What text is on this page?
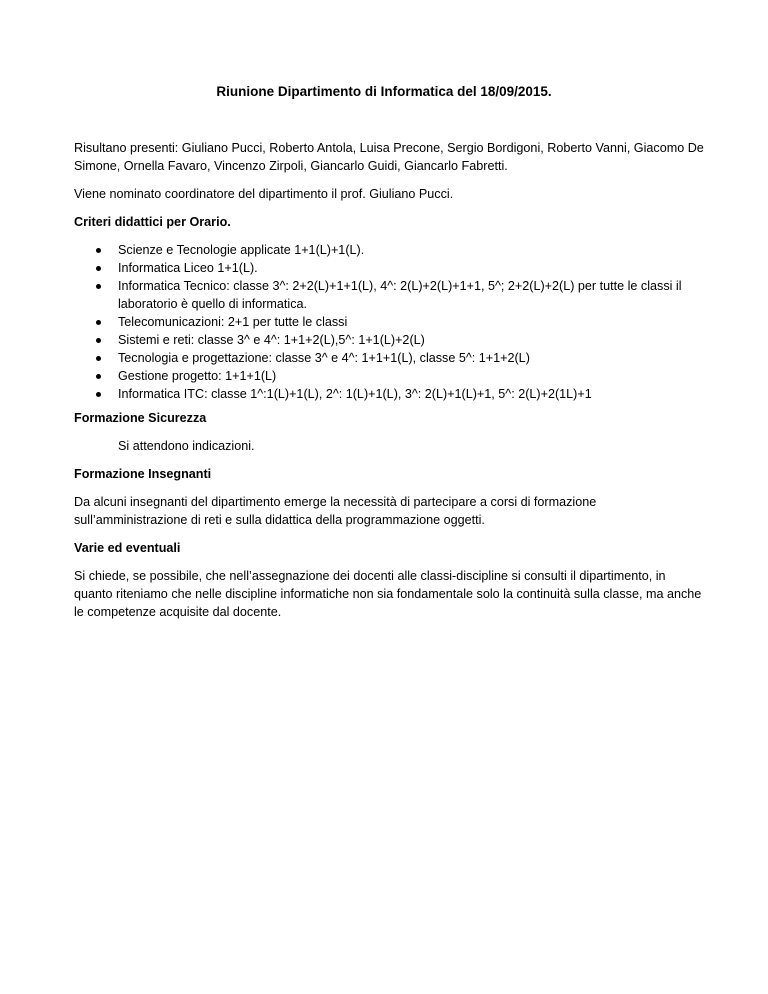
Riunione Dipartimento di Informatica del 18/09/2015.

Risultano presenti: Giuliano Pucci, Roberto Antola, Luisa Precone, Sergio Bordigoni, Roberto Vanni, Giacomo De Simone, Ornella Favaro, Vincenzo Zirpoli, Giancarlo Guidi, Giancarlo Fabretti.

Viene nominato coordinatore del dipartimento il prof. Giuliano Pucci.

Criteri didattici per Orario.

Scienze e Tecnologie applicate 1+1(L)+1(L).
Informatica Liceo 1+1(L).
Informatica Tecnico: classe 3^: 2+2(L)+1+1(L), 4^: 2(L)+2(L)+1+1, 5^; 2+2(L)+2(L) per tutte le classi il laboratorio è quello di informatica.
Telecomunicazioni: 2+1 per tutte le classi
Sistemi e reti: classe 3^ e 4^: 1+1+2(L),5^: 1+1(L)+2(L)
Tecnologia e progettazione: classe 3^ e 4^: 1+1+1(L), classe 5^: 1+1+2(L)
Gestione progetto: 1+1+1(L)
Informatica ITC: classe 1^:1(L)+1(L), 2^: 1(L)+1(L), 3^: 2(L)+1(L)+1, 5^: 2(L)+2(1L)+1

Formazione Sicurezza

Si attendono indicazioni.

Formazione Insegnanti

Da alcuni insegnanti del dipartimento emerge la necessità di partecipare a corsi di formazione sull’amministrazione di reti e sulla didattica della programmazione oggetti.

Varie ed eventuali

Si chiede, se possibile, che nell’assegnazione dei docenti alle classi-discipline si consulti il dipartimento, in quanto riteniamo che nelle discipline informatiche non sia fondamentale solo la continuità sulla classe, ma anche le competenze acquisite dal docente.
